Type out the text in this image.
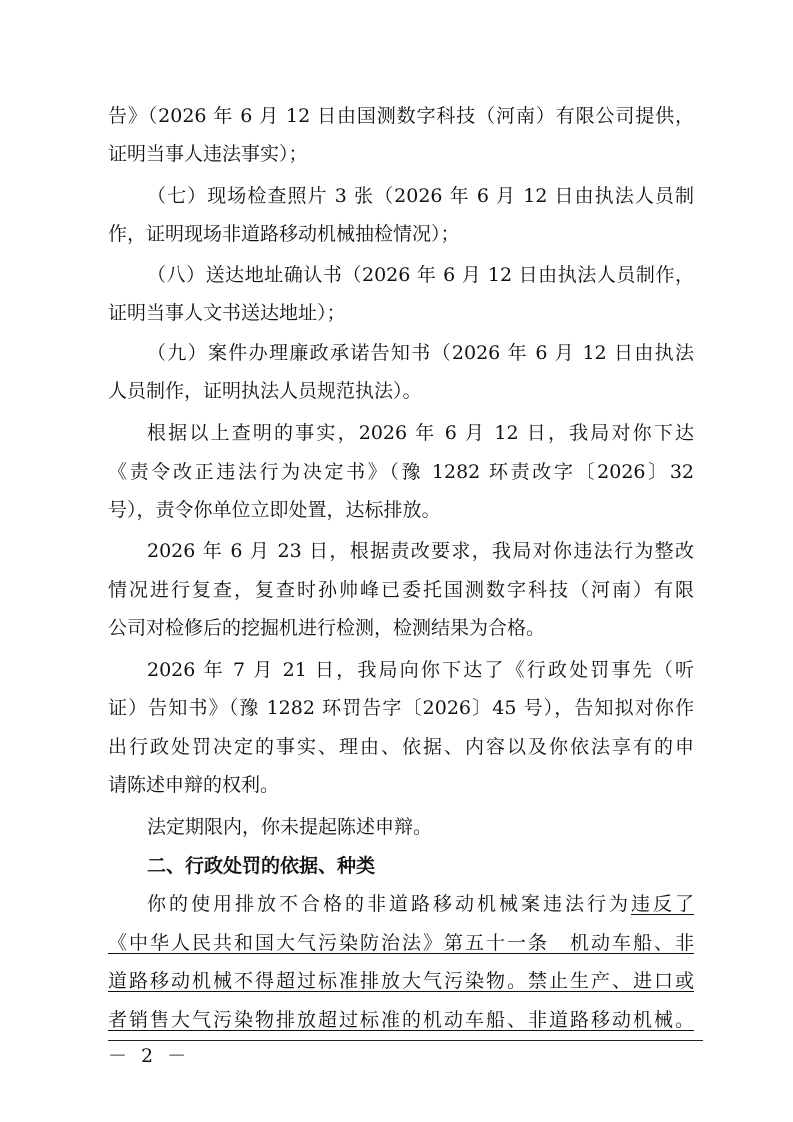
告》（2026 年 6 月 12 日由国测数字科技（河南）有限公司提供，
证明当事人违法事实）；
（七）现场检查照片 3 张（2026 年 6 月 12 日由执法人员制
作，证明现场非道路移动机械抽检情况）；
（八）送达地址确认书（2026 年 6 月 12 日由执法人员制作，
证明当事人文书送达地址）；
（九）案件办理廉政承诺告知书（2026 年 6 月 12 日由执法
人员制作，证明执法人员规范执法）。
根据以上查明的事实，2026 年 6 月 12 日，我局对你下达
《责令改正违法行为决定书》（豫 1282 环责改字〔2026〕32
号），责令你单位立即处置，达标排放。
2026 年 6 月 23 日，根据责改要求，我局对你违法行为整改
情况进行复查，复查时孙帅峰已委托国测数字科技（河南）有限
公司对检修后的挖掘机进行检测，检测结果为合格。
2026 年 7 月 21 日，我局向你下达了《行政处罚事先（听
证）告知书》（豫 1282 环罚告字〔2026〕45 号），告知拟对你作
出行政处罚决定的事实、理由、依据、内容以及你依法享有的申
请陈述申辩的权利。
法定期限内，你未提起陈述申辩。
二、行政处罚的依据、种类
你的使用排放不合格的非道路移动机械案违法行为违反了
《中华人民共和国大气污染防治法》第五十一条　机动车船、非
道路移动机械不得超过标准排放大气污染物。禁止生产、进口或
者销售大气污染物排放超过标准的机动车船、非道路移动机械。
－ 2 －
